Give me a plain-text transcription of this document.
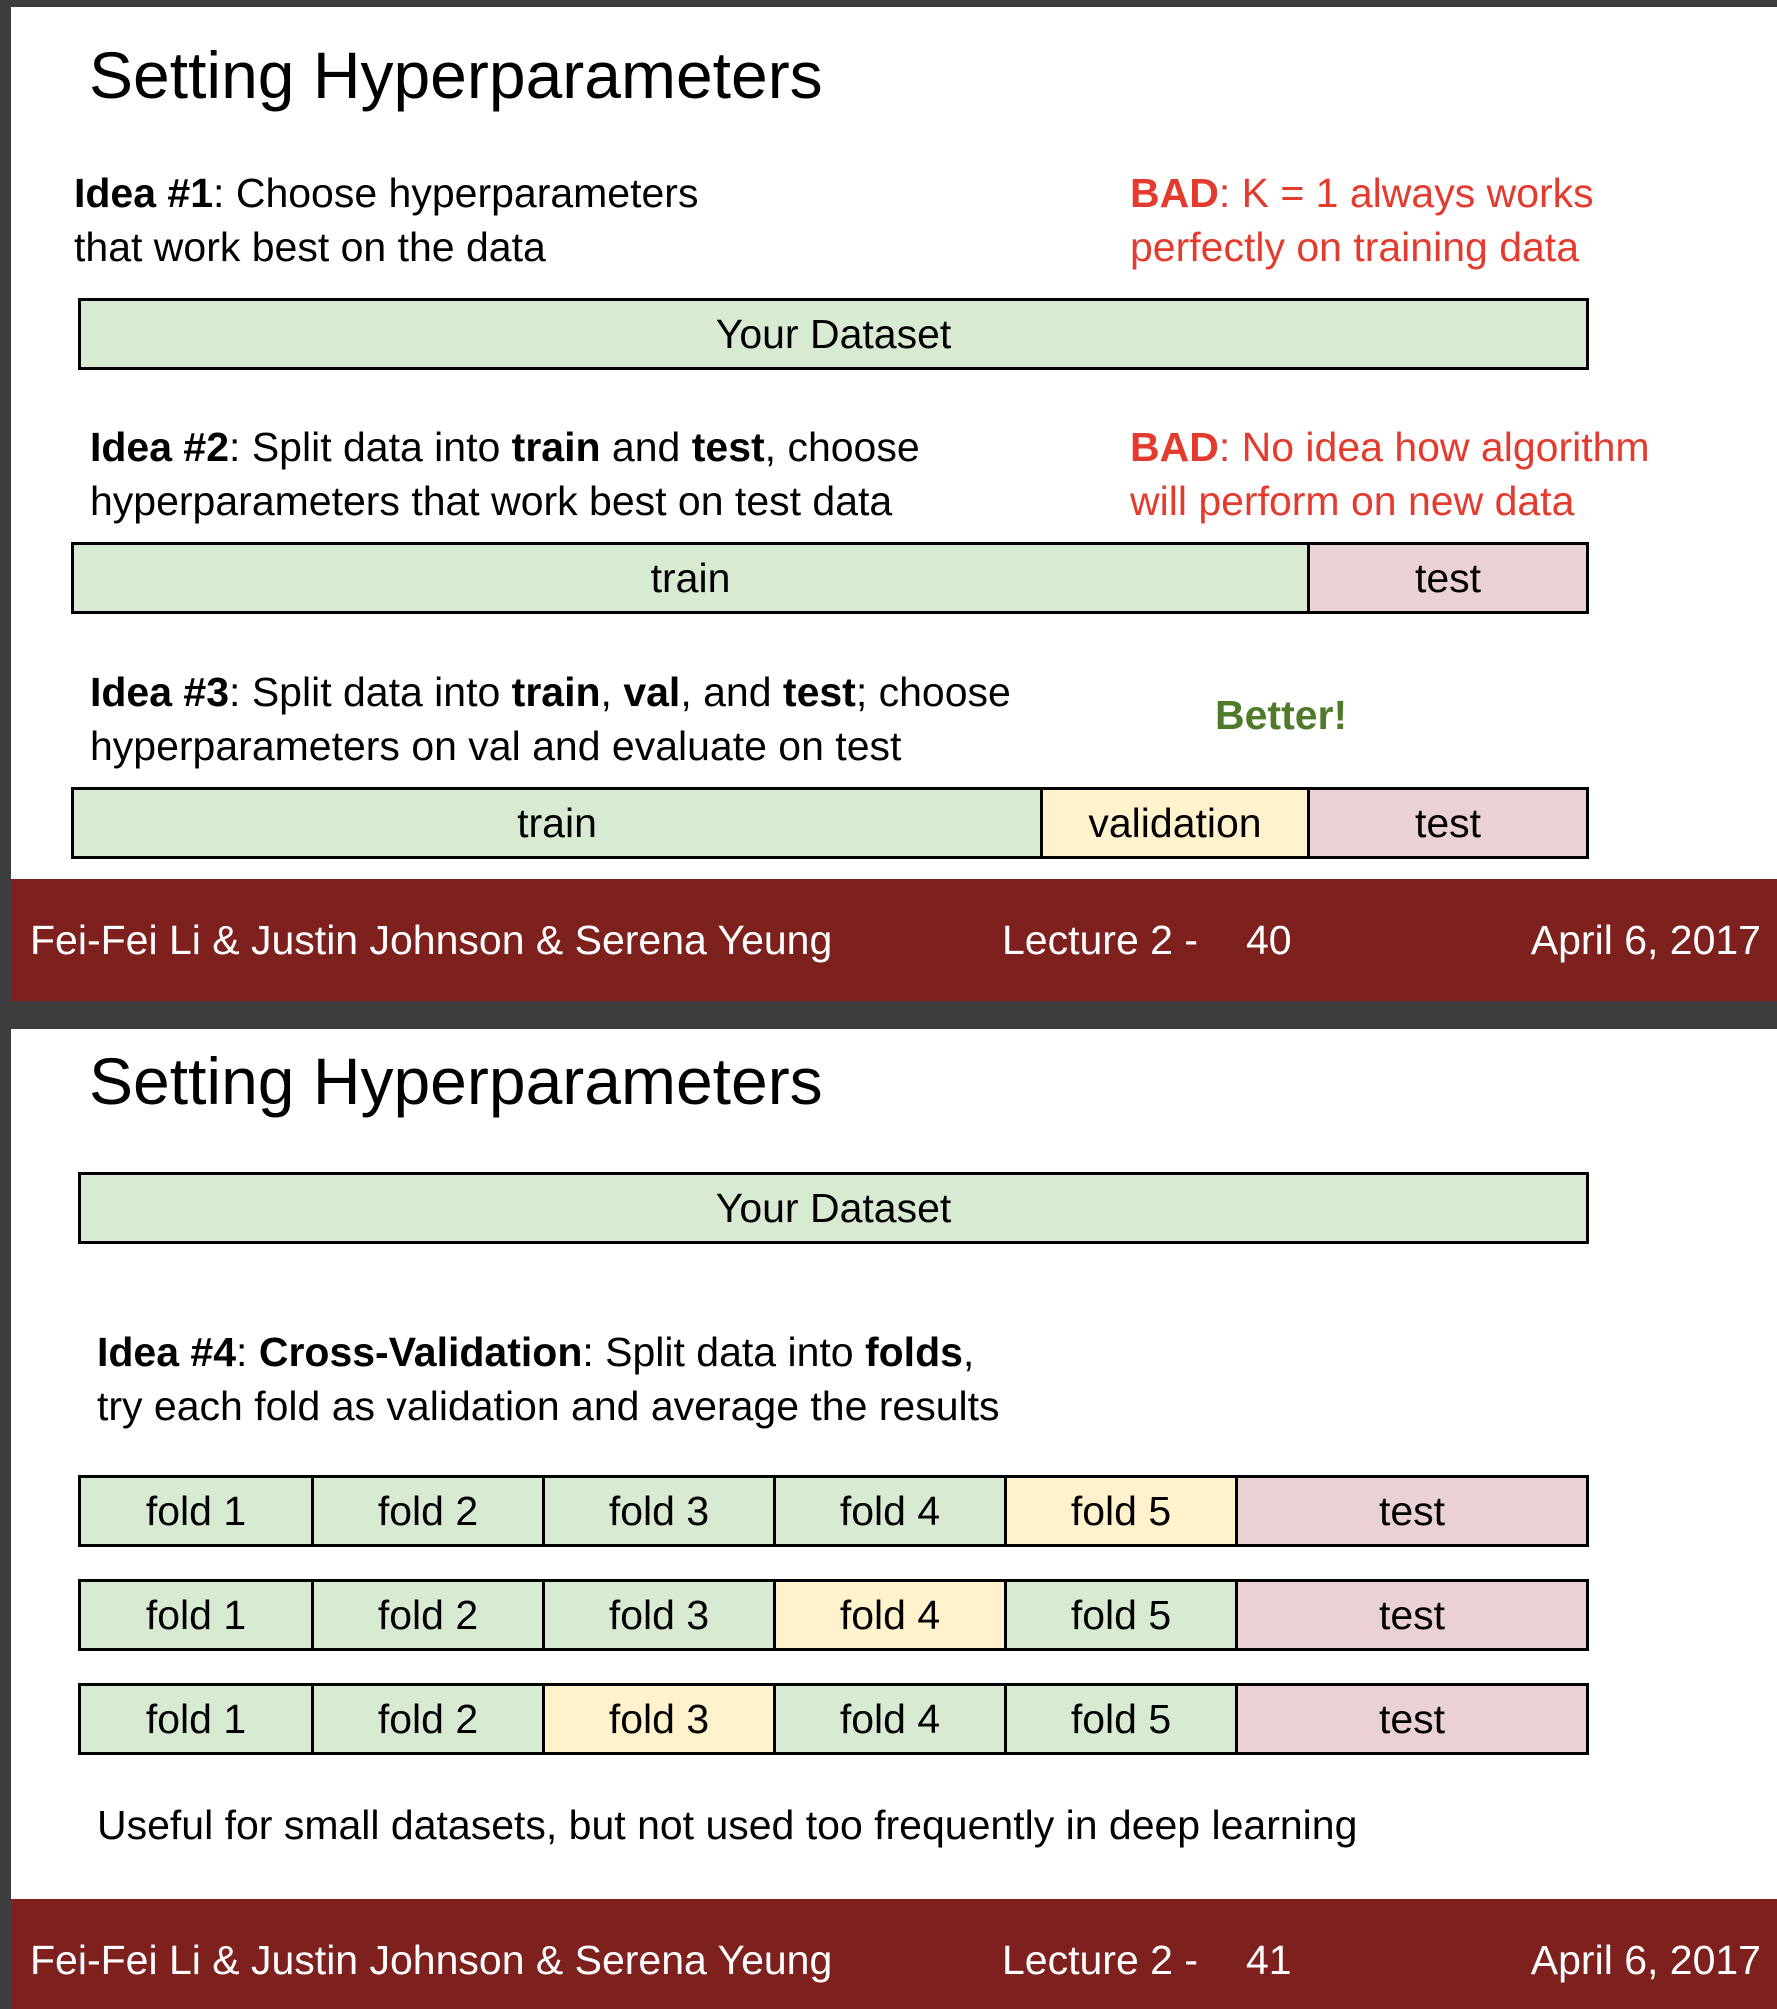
Setting Hyperparameters
Idea #1: Choose hyperparameters
that work best on the data
BAD: K = 1 always works
perfectly on training data
Your Dataset
Idea #2: Split data into train and test, choose
hyperparameters that work best on test data
BAD: No idea how algorithm
will perform on new data
train	test
Idea #3: Split data into train, val, and test; choose
hyperparameters on val and evaluate on test
Better!
train	validation	test
Fei-Fei Li & Justin Johnson & Serena Yeung	Lecture 2 - 40	April 6, 2017
Setting Hyperparameters
Your Dataset
Idea #4: Cross-Validation: Split data into folds,
try each fold as validation and average the results
fold 1	fold 2	fold 3	fold 4	fold 5	test
fold 1	fold 2	fold 3	fold 4	fold 5	test
fold 1	fold 2	fold 3	fold 4	fold 5	test
Useful for small datasets, but not used too frequently in deep learning
Fei-Fei Li & Justin Johnson & Serena Yeung	Lecture 2 - 41	April 6, 2017
